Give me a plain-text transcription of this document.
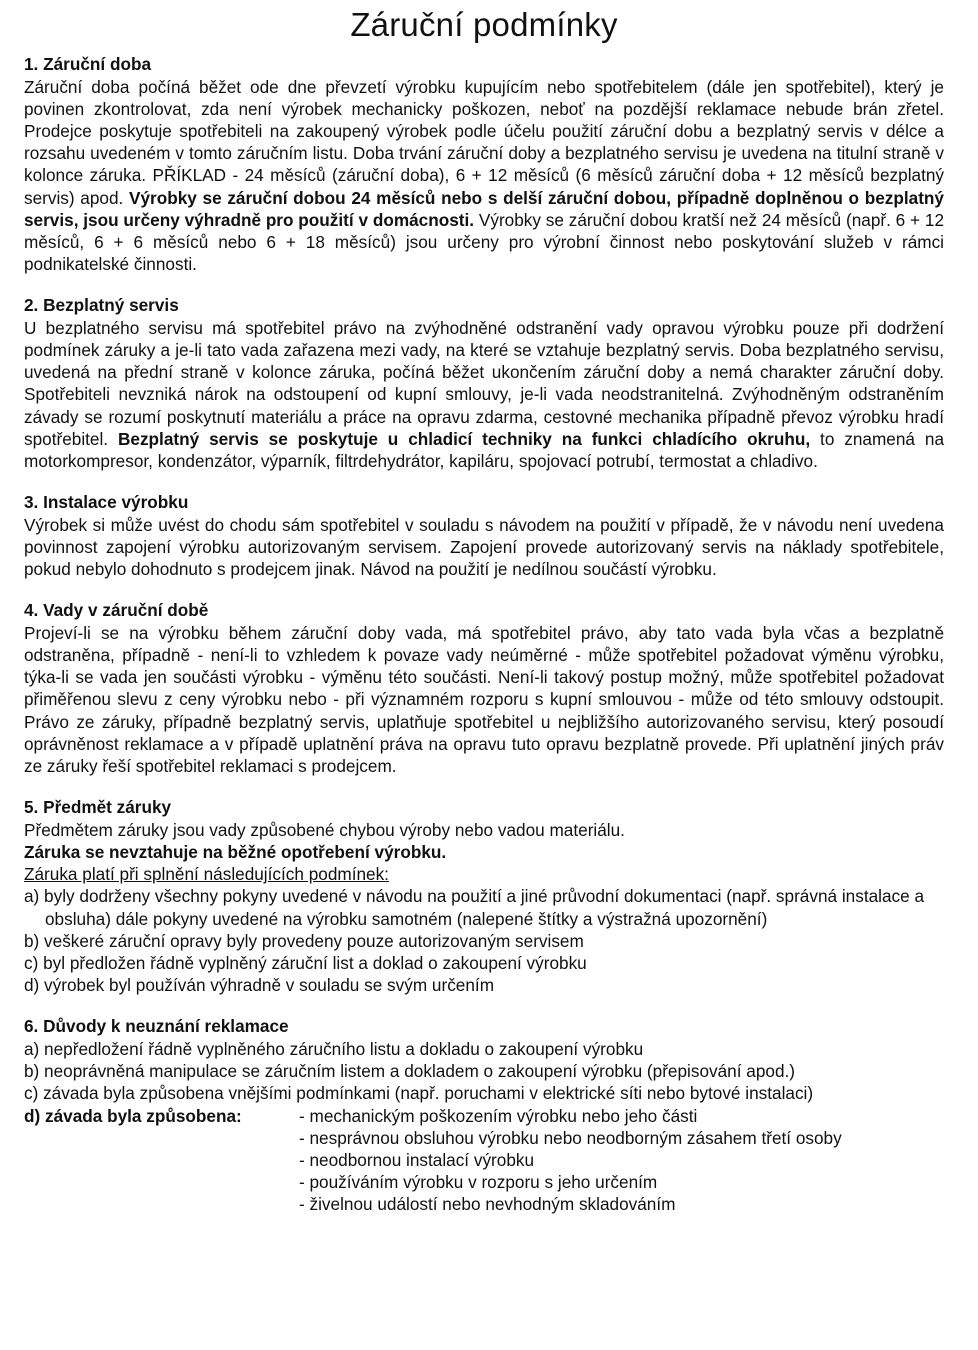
Záruční podmínky
1. Záruční doba

Záruční doba počíná běžet ode dne převzetí výrobku kupujícím nebo spotřebitelem (dále jen spotřebitel), který je povinen zkontrolovat, zda není výrobek mechanicky poškozen, neboť na pozdější reklamace nebude brán zřetel. Prodejce poskytuje spotřebiteli na zakoupený výrobek podle účelu použití záruční dobu a bezplatný servis v délce a rozsahu uvedeném v tomto záručním listu. Doba trvání záruční doby a bezplatného servisu je uvedena na titulní straně v kolonce záruka. PŘÍKLAD - 24 měsíců (záruční doba), 6 + 12 měsíců (6 měsíců záruční doba + 12 měsíců bezplatný servis) apod. Výrobky se záruční dobou 24 měsíců nebo s delší záruční dobou, případně doplněnou o bezplatný servis, jsou určeny výhradně pro použití v domácnosti. Výrobky se záruční dobou kratší než 24 měsíců (např. 6 + 12 měsíců, 6 + 6 měsíců nebo 6 + 18 měsíců) jsou určeny pro výrobní činnost nebo poskytování služeb v rámci podnikatelské činnosti.

2. Bezplatný servis

U bezplatného servisu má spotřebitel právo na zvýhodněné odstranění vady opravou výrobku pouze při dodržení podmínek záruky a je-li tato vada zařazena mezi vady, na které se vztahuje bezplatný servis. Doba bezplatného servisu, uvedená na přední straně v kolonce záruka, počíná běžet ukončením záruční doby a nemá charakter záruční doby. Spotřebiteli nevzniká nárok na odstoupení od kupní smlouvy, je-li vada neodstranitelná. Zvýhodněným odstraněním závady se rozumí poskytnutí materiálu a práce na opravu zdarma, cestovné mechanika případně převoz výrobku hradí spotřebitel. Bezplatný servis se poskytuje u chladicí techniky na funkci chladícího okruhu, to znamená na motorkompresor, kondenzátor, výparník, filtrdehydrátor, kapiláru, spojovací potrubí, termostat a chladivo.

3. Instalace výrobku

Výrobek si může uvést do chodu sám spotřebitel v souladu s návodem na použití v případě, že v návodu není uvedena povinnost zapojení výrobku autorizovaným servisem. Zapojení provede autorizovaný servis na náklady spotřebitele, pokud nebylo dohodnuto s prodejcem jinak. Návod na použití je nedílnou součástí výrobku.

4. Vady v záruční době

Projeví-li se na výrobku během záruční doby vada, má spotřebitel právo, aby tato vada byla včas a bezplatně odstraněna, případně - není-li to vzhledem k povaze vady neúměrné - může spotřebitel požadovat výměnu výrobku, týka-li se vada jen součásti výrobku - výměnu této součásti. Není-li takový postup možný, může spotřebitel požadovat přiměřenou slevu z ceny výrobku nebo - při významném rozporu s kupní smlouvou - může od této smlouvy odstoupit. Právo ze záruky, případně bezplatný servis, uplatňuje spotřebitel u nejbližšího autorizovaného servisu, který posoudí oprávněnost reklamace a v případě uplatnění práva na opravu tuto opravu bezplatně provede. Při uplatnění jiných práv ze záruky řeší spotřebitel reklamaci s prodejcem.

5. Předmět záruky

Předmětem záruky jsou vady způsobené chybou výroby nebo vadou materiálu.

Záruka se nevztahuje na běžné opotřebení výrobku.

Záruka platí při splnění následujících podmínek:

a) byly dodrženy všechny pokyny uvedené v návodu na použití a jiné průvodní dokumentaci (např. správná instalace a obsluha) dále pokyny uvedené na výrobku samotném (nalepené štítky a výstražná upozornění)
b) veškeré záruční opravy byly provedeny pouze autorizovaným servisem
c) byl předložen řádně vyplněný záruční list a doklad o zakoupení výrobku
d) výrobek byl používán výhradně v souladu se svým určením
6. Důvody k neuznání reklamace
a) nepředložení řádně vyplněného záručního listu a dokladu o zakoupení výrobku
b) neoprávněná manipulace se záručním listem a dokladem o zakoupení výrobku (přepisování apod.)
c) závada byla způsobena vnějšími podmínkami (např. poruchami v elektrické síti nebo bytové instalaci)
d) závada byla způsobena:	- mechanickým poškozením výrobku nebo jeho části
- nesprávnou obsluhou výrobku nebo neodborným zásahem třetí osoby
- neodbornou instalací výrobku
- používáním výrobku v rozporu s jeho určením
- živelnou událostí nebo nevhodným skladováním
